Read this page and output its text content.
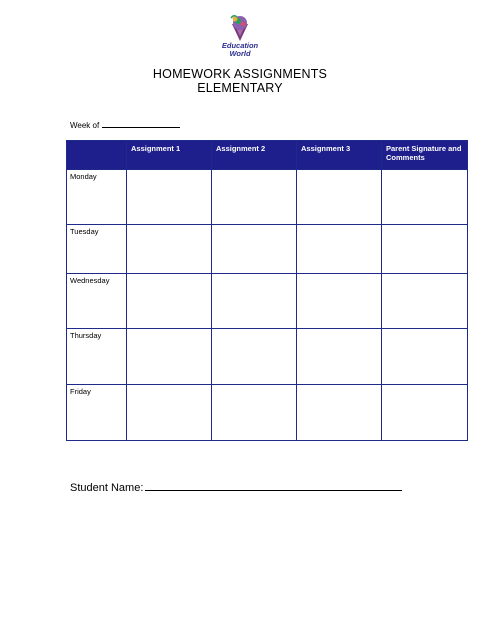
Education
World
HOMEWORK ASSIGNMENTS
ELEMENTARY
Week of
	Assignment 1	Assignment 2	Assignment 3	Parent Signature and Comments
Monday				
Tuesday				
Wednesday				
Thursday				
Friday				
Student Name:
